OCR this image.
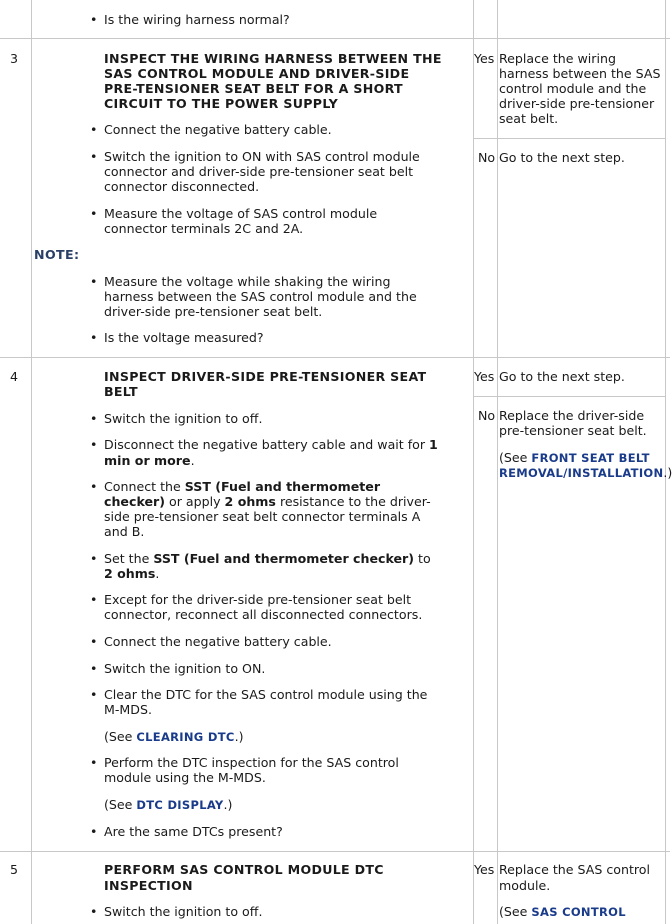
• Is the wiring harness normal?
3	INSPECT THE WIRING HARNESS BETWEEN THE
SAS CONTROL MODULE AND DRIVER-SIDE
PRE-TENSIONER SEAT BELT FOR A SHORT
CIRCUIT TO THE POWER SUPPLY
• Connect the negative battery cable.
• Switch the ignition to ON with SAS control module
connector and driver-side pre-tensioner seat belt
connector disconnected.
• Measure the voltage of SAS control module
connector terminals 2C and 2A.
NOTE:
• Measure the voltage while shaking the wiring
harness between the SAS control module and the
driver-side pre-tensioner seat belt.
• Is the voltage measured?
Yes Replace the wiring
harness between the SAS
control module and the
driver-side pre-tensioner
seat belt.
No Go to the next step.
4	INSPECT DRIVER-SIDE PRE-TENSIONER SEAT
BELT
• Switch the ignition to off.
• Disconnect the negative battery cable and wait for 1
min or more.
• Connect the SST (Fuel and thermometer
checker) or apply 2 ohms resistance to the driver-
side pre-tensioner seat belt connector terminals A
and B.
• Set the SST (Fuel and thermometer checker) to
2 ohms.
• Except for the driver-side pre-tensioner seat belt
connector, reconnect all disconnected connectors.
• Connect the negative battery cable.
• Switch the ignition to ON.
• Clear the DTC for the SAS control module using the
M-MDS.
(See CLEARING DTC.)
• Perform the DTC inspection for the SAS control
module using the M-MDS.
(See DTC DISPLAY.)
• Are the same DTCs present?
Yes Go to the next step.
No Replace the driver-side
pre-tensioner seat belt.
(See FRONT SEAT BELT
REMOVAL/INSTALLATION.)
5	PERFORM SAS CONTROL MODULE DTC
INSPECTION
• Switch the ignition to off.
Yes Replace the SAS control
module.
(See SAS CONTROL
